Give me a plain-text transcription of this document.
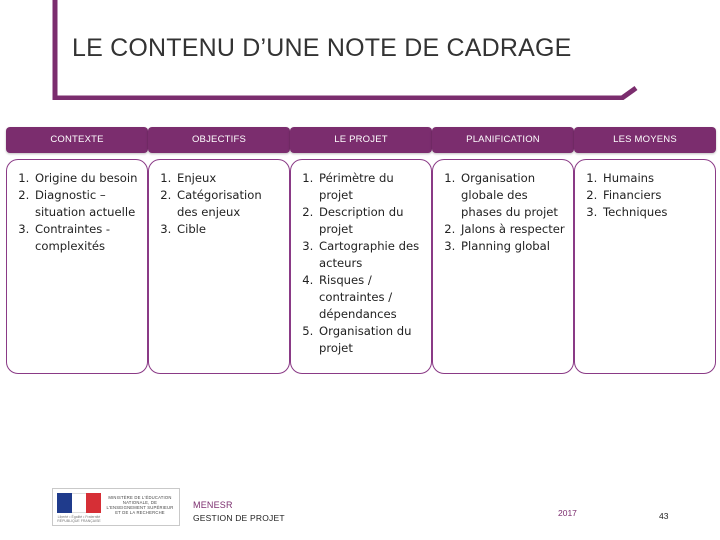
LE CONTENU D’UNE NOTE DE CADRAGE
CONTEXTE
1. Origine du besoin
2. Diagnostic – situation actuelle
3. Contraintes - complexités
OBJECTIFS
1. Enjeux
2. Catégorisation des enjeux
3. Cible
LE PROJET
1. Périmètre du projet
2. Description du projet
3. Cartographie des acteurs
4. Risques / contraintes / dépendances
5. Organisation du projet
PLANIFICATION
1. Organisation globale des phases du projet
2. Jalons à respecter
3. Planning global
LES MOYENS
1. Humains
2. Financiers
3. Techniques
Liberté • Égalité • Fraternité RÉPUBLIQUE FRANÇAISE
MINISTÈRE DE L'ÉDUCATION NATIONALE, DE L'ENSEIGNEMENT SUPÉRIEUR ET DE LA RECHERCHE
MENESR
GESTION DE PROJET	2017	43
